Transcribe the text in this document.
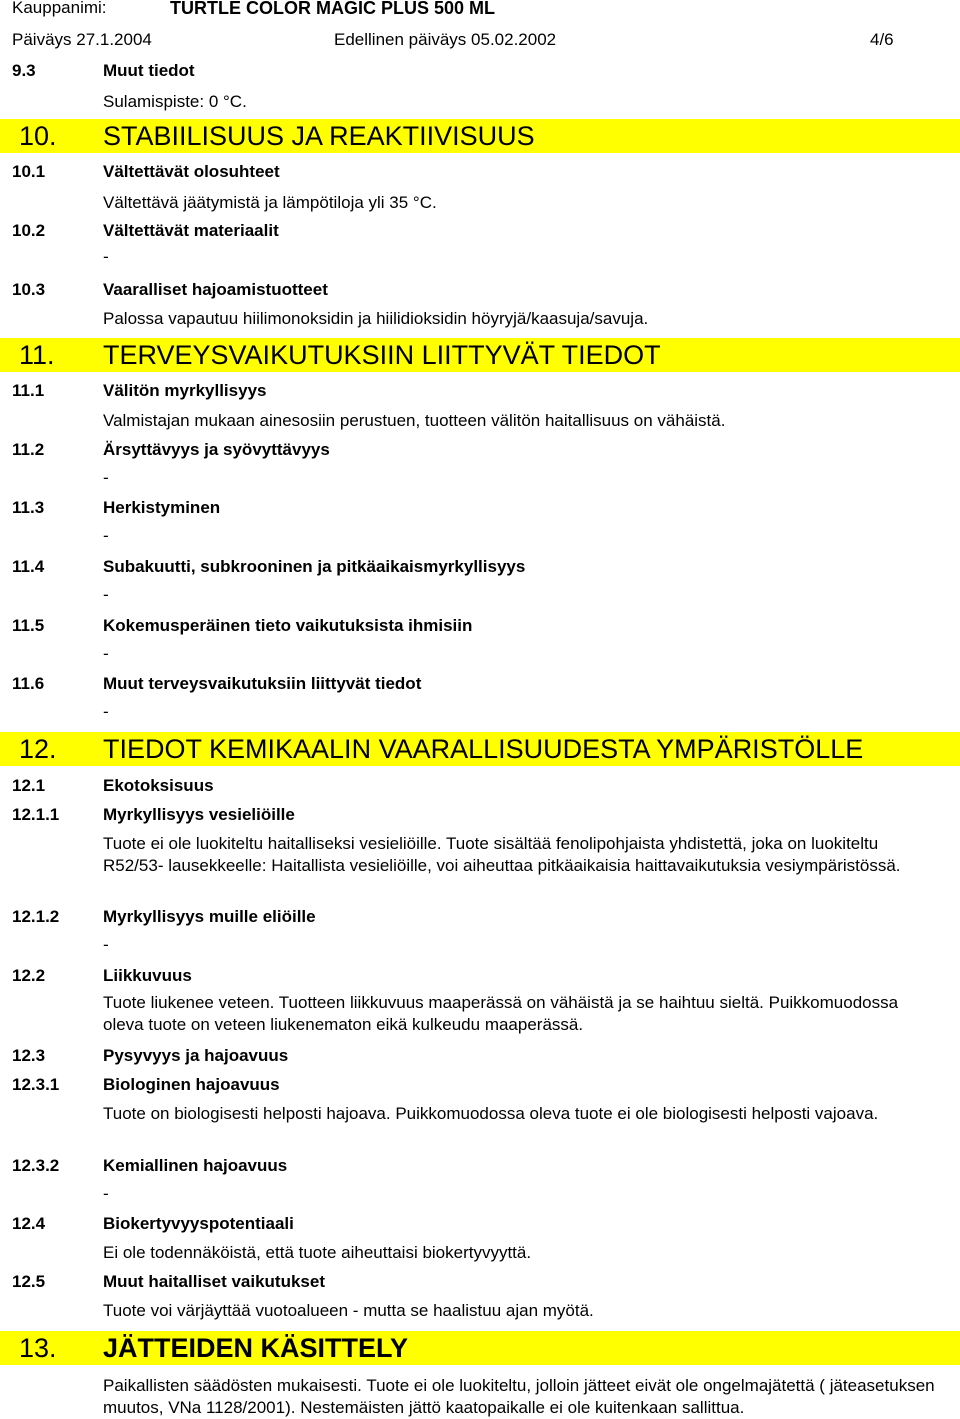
Kauppanimi:	TURTLE COLOR MAGIC PLUS 500 ML
Päiväys 27.1.2004	Edellinen päiväys 05.02.2002	4/6
9.3	Muut tiedot
Sulamispiste: 0 °C.
10. STABIILISUUS JA REAKTIIVISUUS
10.1	Vältettävät olosuhteet
Vältettävä jäätymistä ja lämpötiloja yli 35 °C.
10.2	Vältettävät materiaalit
-
10.3	Vaaralliset hajoamistuotteet
Palossa vapautuu hiilimonoksidin ja hiilidioksidin höyryjä/kaasuja/savuja.
11. TERVEYSVAIKUTUKSIIN LIITTYVÄT TIEDOT
11.1	Välitön myrkyllisyys
Valmistajan mukaan ainesosiin perustuen, tuotteen välitön haitallisuus on vähäistä.
11.2	Ärsyttävyys ja syövyttävyys
-
11.3	Herkistyminen
-
11.4	Subakuutti, subkrooninen ja pitkäaikaismyrkyllisyys
-
11.5	Kokemusperäinen tieto vaikutuksista ihmisiin
-
11.6	Muut terveysvaikutuksiin liittyvät tiedot
-
12. TIEDOT KEMIKAALIN VAARALLISUUDESTA YMPÄRISTÖLLE
12.1	Ekotoksisuus
12.1.1	Myrkyllisyys vesieliöille
Tuote ei ole luokiteltu haitalliseksi vesieliöille. Tuote sisältää fenolipohjaista yhdistettä, joka on luokiteltu R52/53- lausekkeelle: Haitallista vesieliöille, voi aiheuttaa pitkäaikaisia haittavaikutuksia vesiympäristössä.
12.1.2	Myrkyllisyys muille eliöille
-
12.2	Liikkuvuus
Tuote liukenee veteen. Tuotteen liikkuvuus maaperässä on vähäistä ja se haihtuu sieltä. Puikkomuodossa oleva tuote on veteen liukenematon eikä kulkeudu maaperässä.
12.3	Pysyvyys ja hajoavuus
12.3.1	Biologinen hajoavuus
Tuote on biologisesti helposti hajoava. Puikkomuodossa oleva tuote ei ole biologisesti helposti vajoava.
12.3.2	Kemiallinen hajoavuus
-
12.4	Biokertyvyyspotentiaali
Ei ole todennäköistä, että tuote aiheuttaisi biokertyvyyttä.
12.5	Muut haitalliset vaikutukset
Tuote voi värjäyttää vuotoalueen - mutta se haalistuu ajan myötä.
13. JÄTTEIDEN KÄSITTELY
Paikallisten säädösten mukaisesti. Tuote ei ole luokiteltu, jolloin jätteet eivät ole ongelmajätettä ( jäteasetuksen muutos, VNa 1128/2001). Nestemäisten jättö kaatopaikalle ei ole kuitenkaan sallittua.
